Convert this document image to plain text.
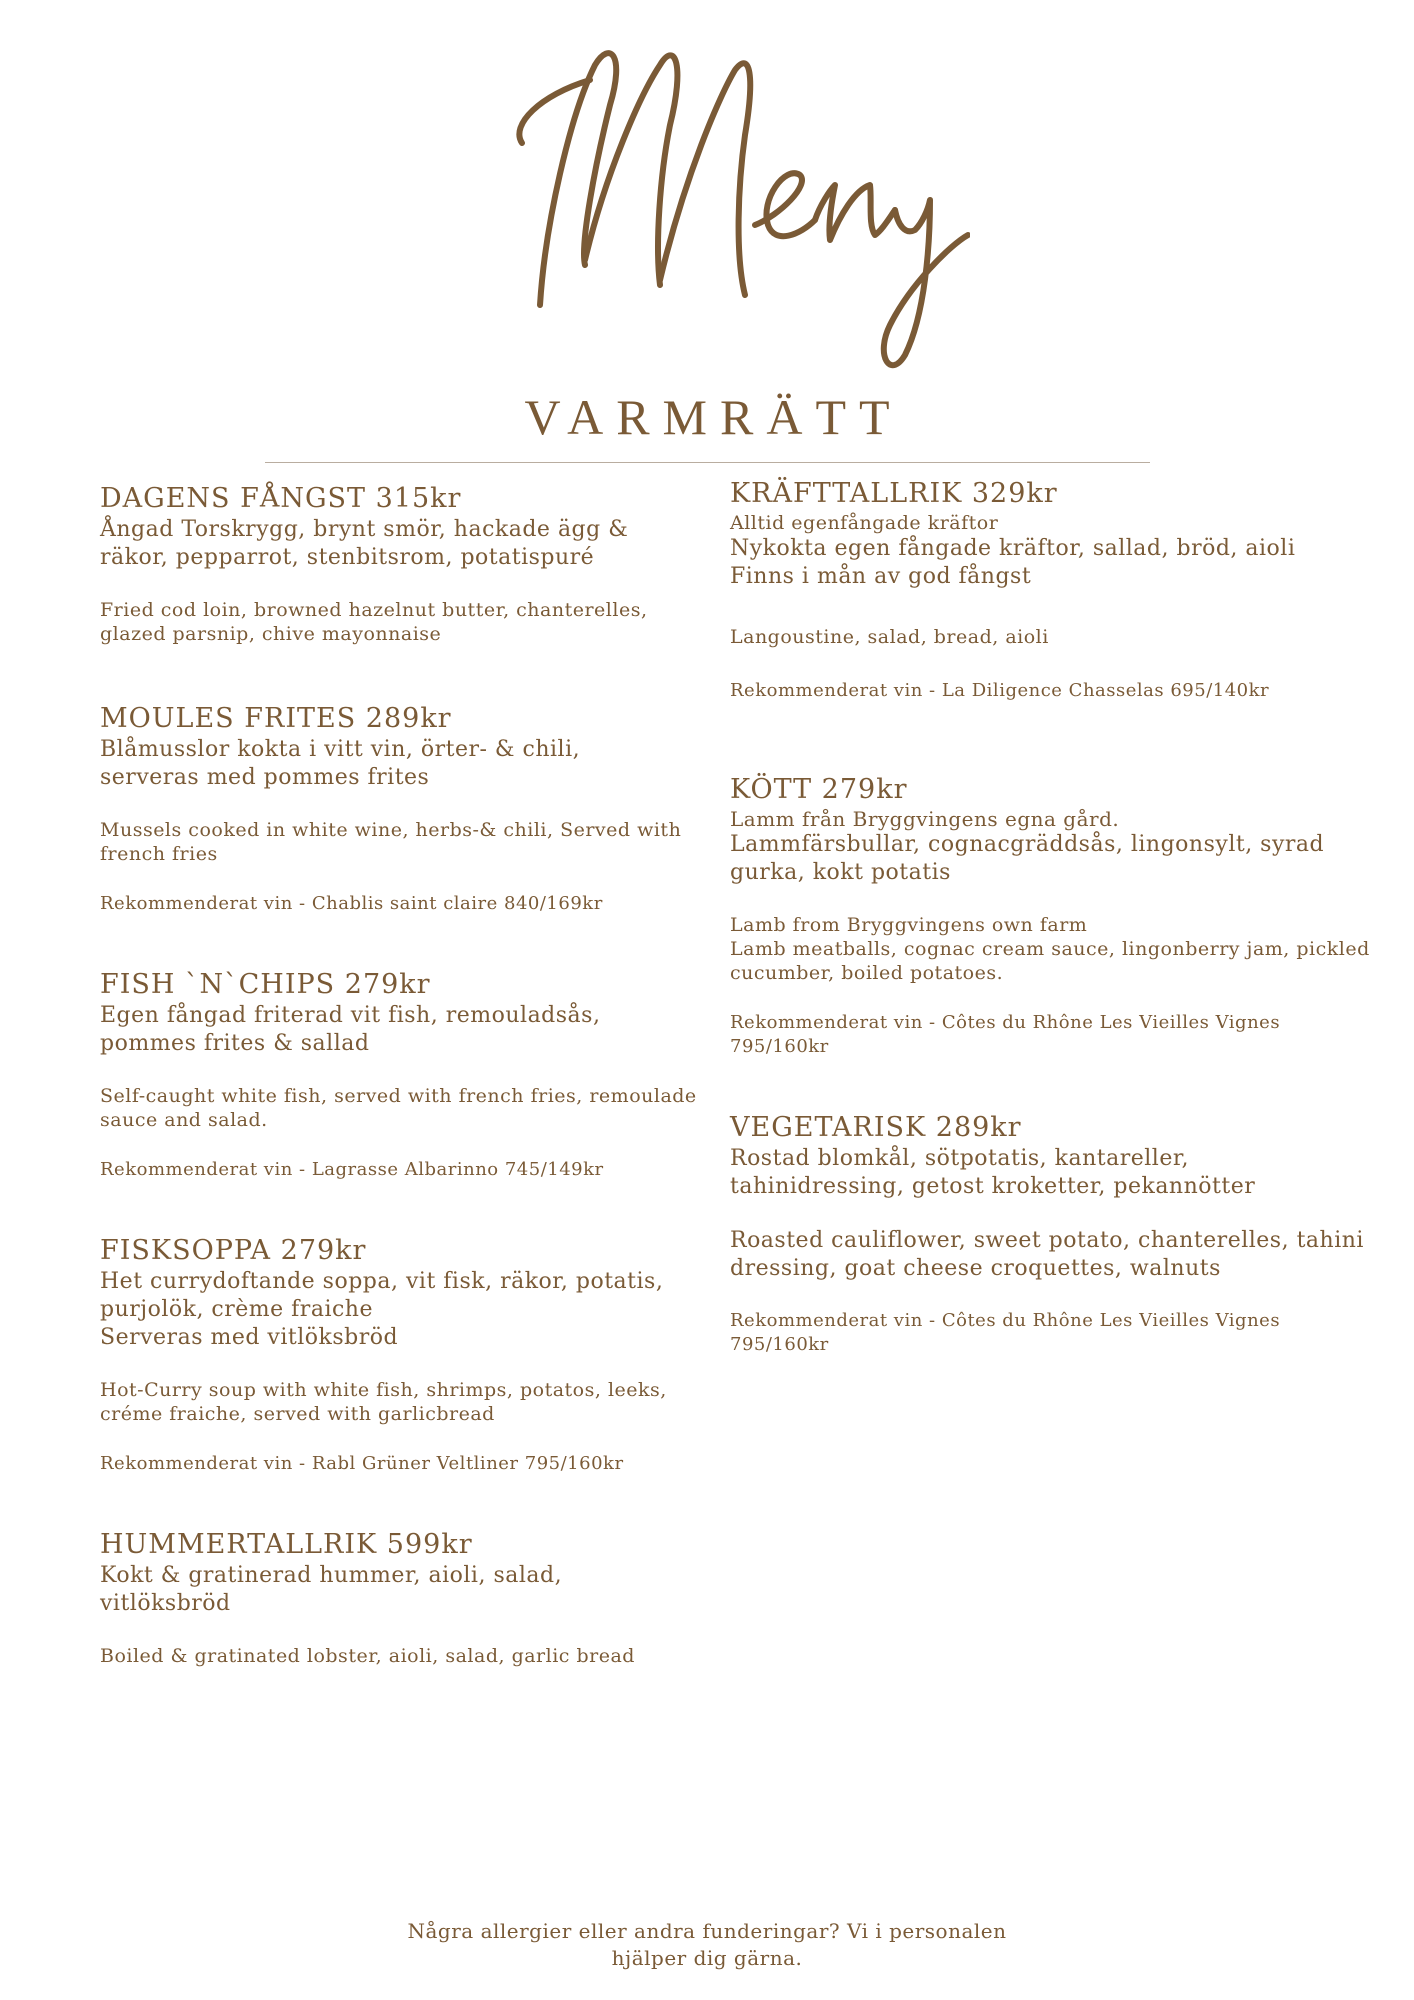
VARMRÄTT
DAGENS FÅNGST 315kr
Ångad Torskrygg, brynt smör, hackade ägg &
räkor, pepparrot, stenbitsrom, potatispuré
Fried cod loin, browned hazelnut butter, chanterelles,
glazed parsnip, chive mayonnaise
MOULES FRITES 289kr
Blåmusslor kokta i vitt vin, örter- & chili,
serveras med pommes frites
Mussels cooked in white wine, herbs-& chili, Served with
french fries
Rekommenderat vin - Chablis saint claire 840/169kr
FISH `N`CHIPS 279kr
Egen fångad friterad vit fish, remouladsås,
pommes frites & sallad
Self-caught white fish, served with french fries, remoulade
sauce and salad.
Rekommenderat vin - Lagrasse Albarinno 745/149kr
FISKSOPPA 279kr
Het currydoftande soppa, vit fisk, räkor, potatis,
purjolök, crème fraiche
Serveras med vitlöksbröd
Hot-Curry soup with white fish, shrimps, potatos, leeks,
créme fraiche, served with garlicbread
Rekommenderat vin - Rabl Grüner Veltliner 795/160kr
HUMMERTALLRIK 599kr
Kokt & gratinerad hummer, aioli, salad,
vitlöksbröd
Boiled & gratinated lobster, aioli, salad, garlic bread
KRÄFTTALLRIK 329kr
Alltid egenfångade kräftor
Nykokta egen fångade kräftor, sallad, bröd, aioli
Finns i mån av god fångst
Langoustine, salad, bread, aioli
Rekommenderat vin - La Diligence Chasselas 695/140kr
KÖTT 279kr
Lamm från Bryggvingens egna gård.
Lammfärsbullar, cognacgräddsås, lingonsylt, syrad
gurka, kokt potatis
Lamb from Bryggvingens own farm
Lamb meatballs, cognac cream sauce, lingonberry jam, pickled
cucumber, boiled potatoes.
Rekommenderat vin - Côtes du Rhône Les Vieilles Vignes 795/160kr
VEGETARISK 289kr
Rostad blomkål, sötpotatis, kantareller,
tahinidressing, getost kroketter, pekannötter
Roasted cauliflower, sweet potato, chanterelles, tahini
dressing, goat cheese croquettes, walnuts
Rekommenderat vin - Côtes du Rhône Les Vieilles Vignes 795/160kr
Några allergier eller andra funderingar? Vi i personalen
hjälper dig gärna.
